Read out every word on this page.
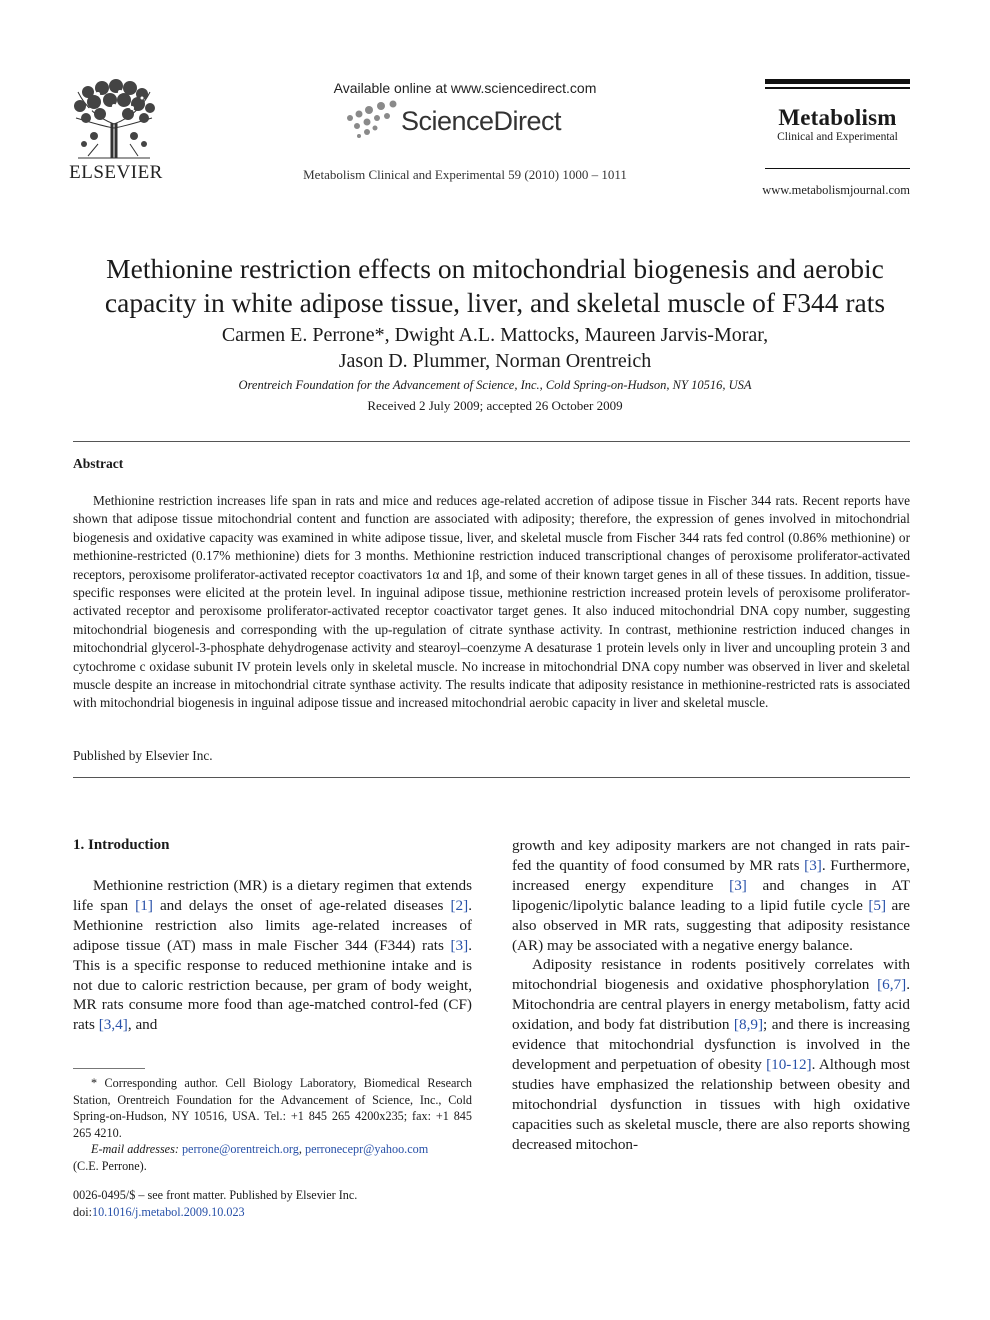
ELSEVIER
Available online at www.sciencedirect.com
ScienceDirect
Metabolism Clinical and Experimental 59 (2010) 1000 – 1011
Metabolism
Clinical and Experimental
www.metabolismjournal.com
Methionine restriction effects on mitochondrial biogenesis and aerobic
capacity in white adipose tissue, liver, and skeletal muscle of F344 rats
Carmen E. Perrone*, Dwight A.L. Mattocks, Maureen Jarvis-Morar,
Jason D. Plummer, Norman Orentreich
Orentreich Foundation for the Advancement of Science, Inc., Cold Spring-on-Hudson, NY 10516, USA
Received 2 July 2009; accepted 26 October 2009
Abstract
Methionine restriction increases life span in rats and mice and reduces age-related accretion of adipose tissue in Fischer 344 rats. Recent reports have shown that adipose tissue mitochondrial content and function are associated with adiposity; therefore, the expression of genes involved in mitochondrial biogenesis and oxidative capacity was examined in white adipose tissue, liver, and skeletal muscle from Fischer 344 rats fed control (0.86% methionine) or methionine-restricted (0.17% methionine) diets for 3 months. Methionine restriction induced transcriptional changes of peroxisome proliferator-activated receptors, peroxisome proliferator-activated receptor coactivators 1α and 1β, and some of their known target genes in all of these tissues. In addition, tissue-specific responses were elicited at the protein level. In inguinal adipose tissue, methionine restriction increased protein levels of peroxisome proliferator-activated receptor and peroxisome proliferator-activated receptor coactivator target genes. It also induced mitochondrial DNA copy number, suggesting mitochondrial biogenesis and corresponding with the up-regulation of citrate synthase activity. In contrast, methionine restriction induced changes in mitochondrial glycerol-3-phosphate dehydrogenase activity and stearoyl–coenzyme A desaturase 1 protein levels only in liver and uncoupling protein 3 and cytochrome c oxidase subunit IV protein levels only in skeletal muscle. No increase in mitochondrial DNA copy number was observed in liver and skeletal muscle despite an increase in mitochondrial citrate synthase activity. The results indicate that adiposity resistance in methionine-restricted rats is associated with mitochondrial biogenesis in inguinal adipose tissue and increased mitochondrial aerobic capacity in liver and skeletal muscle.
Published by Elsevier Inc.
1. Introduction

Methionine restriction (MR) is a dietary regimen that extends life span [1] and delays the onset of age-related diseases [2]. Methionine restriction also limits age-related increases of adipose tissue (AT) mass in male Fischer 344 (F344) rats [3]. This is a specific response to reduced methionine intake and is not due to caloric restriction because, per gram of body weight, MR rats consume more food than age-matched control-fed (CF) rats [3,4], and

* Corresponding author. Cell Biology Laboratory, Biomedical Research Station, Orentreich Foundation for the Advancement of Science, Inc., Cold Spring-on-Hudson, NY 10516, USA. Tel.: +1 845 265 4200x235; fax: +1 845 265 4210.
E-mail addresses: perrone@orentreich.org, perronecepr@yahoo.com
(C.E. Perrone).
0026-0495/$ – see front matter. Published by Elsevier Inc.
doi:10.1016/j.metabol.2009.10.023

growth and key adiposity markers are not changed in rats pair-fed the quantity of food consumed by MR rats [3]. Furthermore, increased energy expenditure [3] and changes in AT lipogenic/lipolytic balance leading to a lipid futile cycle [5] are also observed in MR rats, suggesting that adiposity resistance (AR) may be associated with a negative energy balance.

Adiposity resistance in rodents positively correlates with mitochondrial biogenesis and oxidative phosphorylation [6,7]. Mitochondria are central players in energy metabolism, fatty acid oxidation, and body fat distribution [8,9]; and there is increasing evidence that mitochondrial dysfunction is involved in the development and perpetuation of obesity [10-12]. Although most studies have emphasized the relationship between obesity and mitochondrial dysfunction in tissues with high oxidative capacities such as skeletal muscle, there are also reports showing decreased mitochon-
